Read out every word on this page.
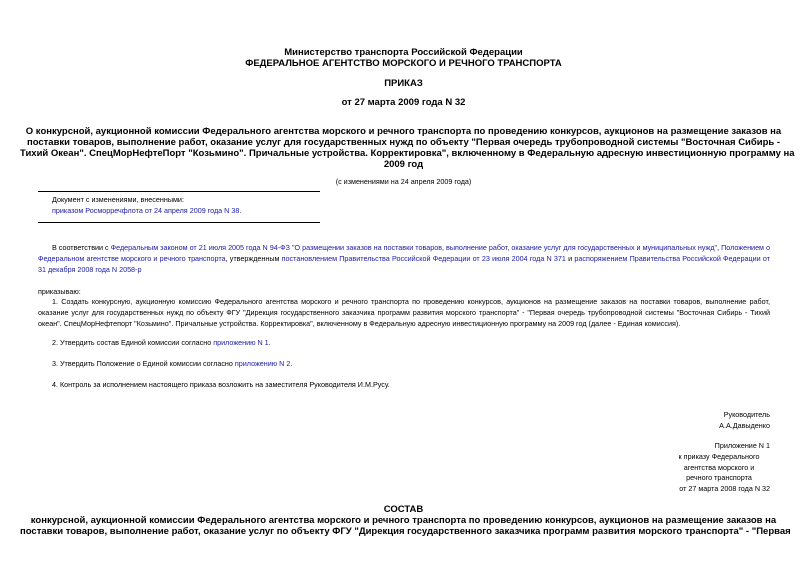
Министерство транспорта Российской Федерации
ФЕДЕРАЛЬНОЕ АГЕНТСТВО МОРСКОГО И РЕЧНОГО ТРАНСПОРТА
ПРИКАЗ
от 27 марта 2009 года N 32
О конкурсной, аукционной комиссии Федерального агентства морского и речного транспорта по проведению конкурсов, аукционов на размещение заказов на
поставки товаров, выполнение работ, оказание услуг для государственных нужд по объекту "Первая очередь трубопроводной системы "Восточная Сибирь -
Тихий Океан". СпецМорНефтеПорт "Козьмино". Причальные устройства. Корректировка", включенному в Федеральную адресную инвестиционную программу на
2009 год
(с изменениями на 24 апреля 2009 года)
Документ с изменениями, внесенными:
приказом Росморречфлота от 24 апреля 2009 года N 38.
В соответствии с Федеральным законом от 21 июля 2005 года N 94-ФЗ "О размещении заказов на поставки товаров, выполнение работ, оказание услуг для государственных и муниципальных нужд", Положением о Федеральном агентстве морского и речного транспорта, утвержденным постановлением Правительства Российской Федерации от 23 июля 2004 года N 371 и распоряжением Правительства Российской Федерации от 31 декабря 2008 года N 2058-р
приказываю:
1. Создать конкурсную, аукционную комиссию Федерального агентства морского и речного транспорта по проведению конкурсов, аукционов на размещение заказов на поставки товаров, выполнение работ, оказание услуг для государственных нужд по объекту ФГУ "Дирекция государственного заказчика программ развития морского транспорта" - "Первая очередь трубопроводной системы "Восточная Сибирь - Тихий океан". СпецМорНефтепорт "Козьмино". Причальные устройства. Корректировка", включенному в Федеральную адресную инвестиционную программу на 2009 год (далее - Единая комиссия).
2. Утвердить состав Единой комиссии согласно приложению N 1.
3. Утвердить Положение о Единой комиссии согласно приложению N 2.
4. Контроль за исполнением настоящего приказа возложить на заместителя Руководителя И.М.Русу.
Руководитель
А.А.Давыденко
Приложение N 1
к приказу Федерального
агентства морского и
речного транспорта
от 27 марта 2008 года N 32
СОСТАВ
конкурсной, аукционной комиссии Федерального агентства морского и речного транспорта по проведению конкурсов, аукционов на размещение заказов на
поставки товаров, выполнение работ, оказание услуг по объекту ФГУ "Дирекция государственного заказчика программ развития морского транспорта" - "Первая
